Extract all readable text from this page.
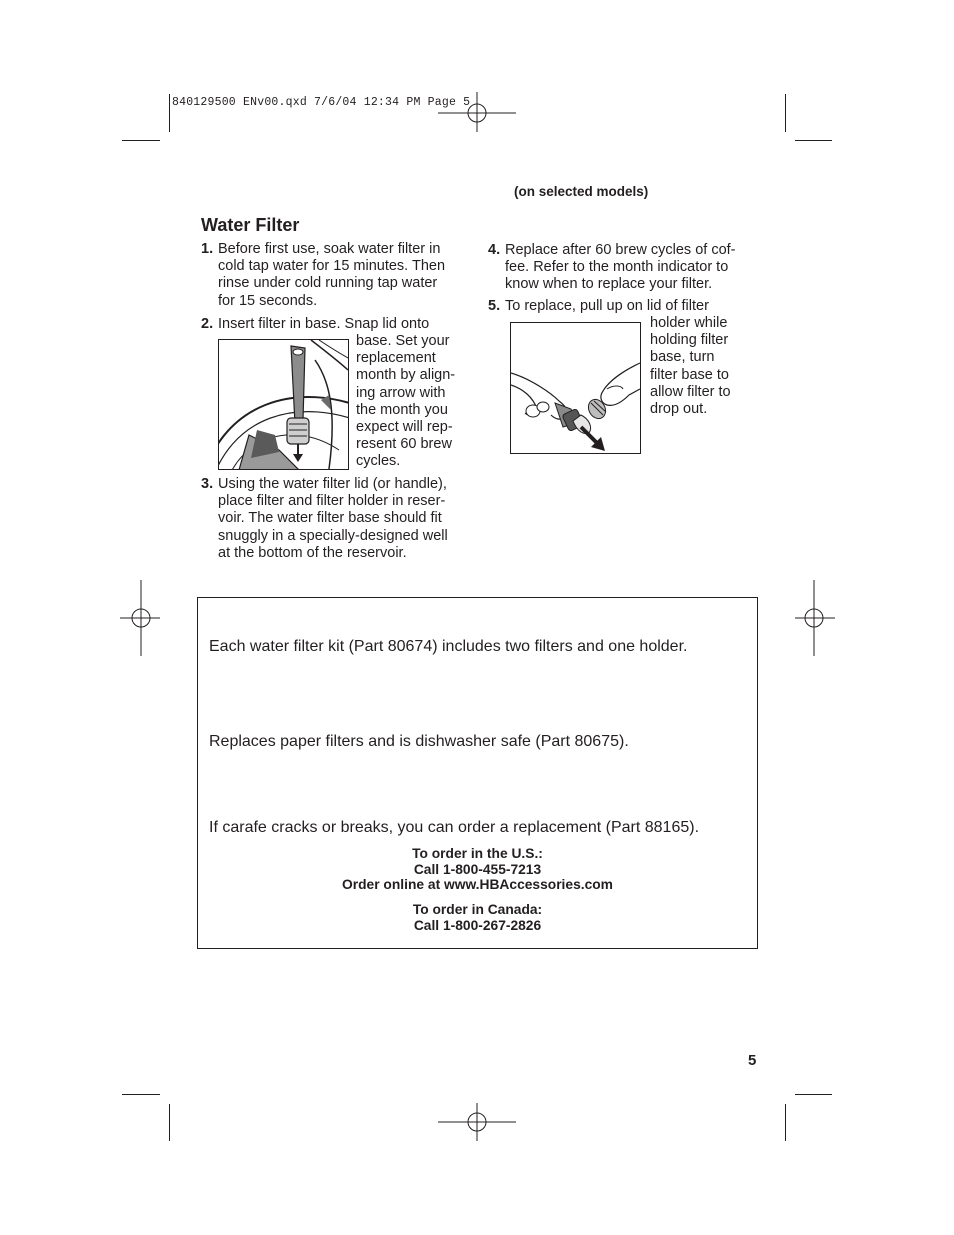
840129500 ENv00.qxd 7/6/04 12:34 PM Page 5
(on selected models)
Water Filter
1. Before first use, soak water filter in
cold tap water for 15 minutes. Then
rinse under cold running tap water
for 15 seconds.
2. Insert filter in base. Snap lid onto
base. Set your
replacement
month by align-
ing arrow with
the month you
expect will rep-
resent 60 brew
cycles.
3. Using the water filter lid (or handle),
place filter and filter holder in reser-
voir. The water filter base should fit
snuggly in a specially-designed well
at the bottom of the reservoir.
4. Replace after 60 brew cycles of cof-
fee. Refer to the month indicator to
know when to replace your filter.
5. To replace, pull up on lid of filter
holder while
holding filter
base, turn
filter base to
allow filter to
drop out.
Each water filter kit (Part 80674) includes two filters and one holder.
Replaces paper filters and is dishwasher safe (Part 80675).
If carafe cracks or breaks, you can order a replacement (Part 88165).
To order in the U.S.:
Call 1-800-455-7213
Order online at www.HBAccessories.com
To order in Canada:
Call 1-800-267-2826
5
